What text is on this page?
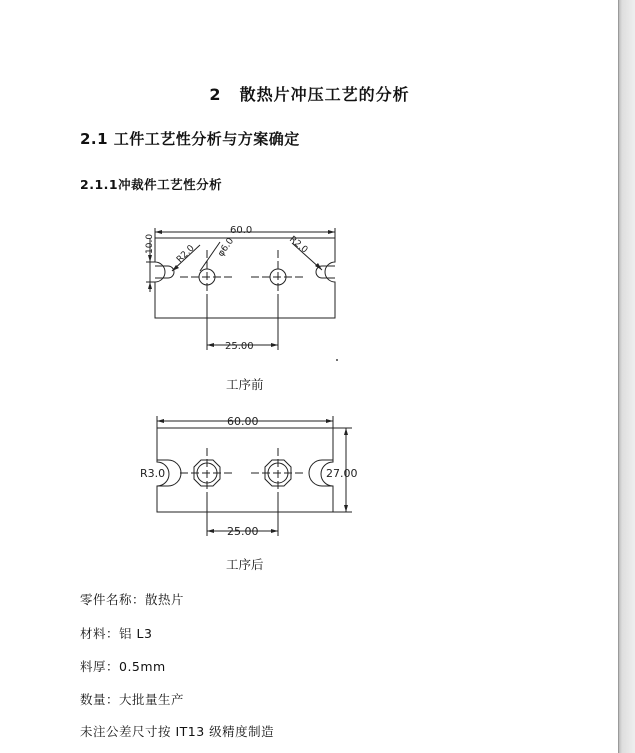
2 散热片冲压工艺的分析
2.1 工件工艺性分析与方案确定
2.1.1冲裁件工艺性分析
60.0
10.0 R2.0 φ6.0	R2.0
25.00
工序前
60.00
R3.0	27.00
25.00
工序后
零件名称：散热片
材料：铝 L3
料厚：0.5mm
数量：大批量生产
未注公差尺寸按 IT13 级精度制造
